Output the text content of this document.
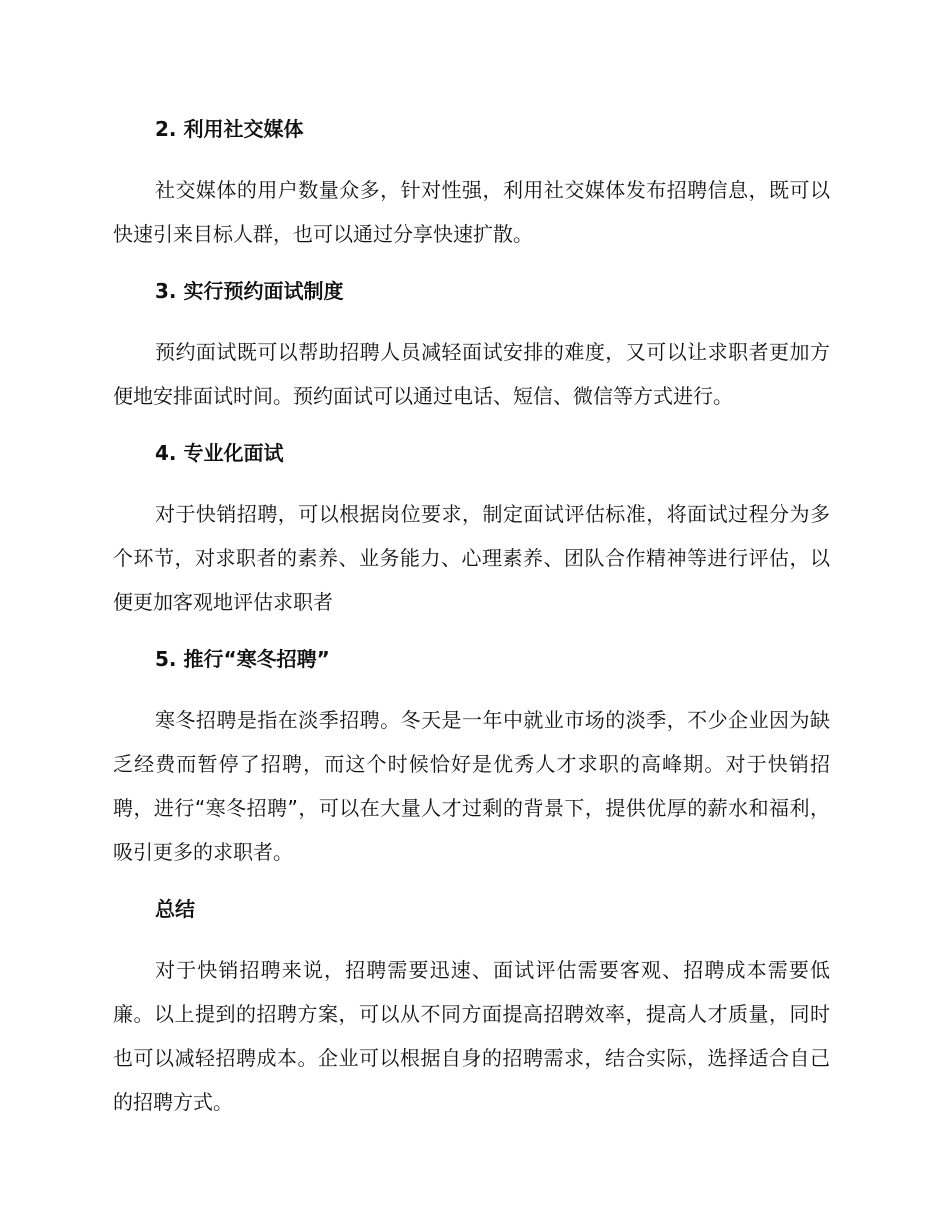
2. 利用社交媒体
社交媒体的用户数量众多，针对性强，利用社交媒体发布招聘信息，既可以快速引来目标人群，也可以通过分享快速扩散。
3. 实行预约面试制度
预约面试既可以帮助招聘人员减轻面试安排的难度，又可以让求职者更加方便地安排面试时间。预约面试可以通过电话、短信、微信等方式进行。
4. 专业化面试
对于快销招聘，可以根据岗位要求，制定面试评估标准，将面试过程分为多个环节，对求职者的素养、业务能力、心理素养、团队合作精神等进行评估，以便更加客观地评估求职者
5. 推行“寒冬招聘”
寒冬招聘是指在淡季招聘。冬天是一年中就业市场的淡季，不少企业因为缺乏经费而暂停了招聘，而这个时候恰好是优秀人才求职的高峰期。对于快销招聘，进行“寒冬招聘”，可以在大量人才过剩的背景下，提供优厚的薪水和福利，吸引更多的求职者。
总结
对于快销招聘来说，招聘需要迅速、面试评估需要客观、招聘成本需要低廉。以上提到的招聘方案，可以从不同方面提高招聘效率，提高人才质量，同时也可以减轻招聘成本。企业可以根据自身的招聘需求，结合实际，选择适合自己的招聘方式。
